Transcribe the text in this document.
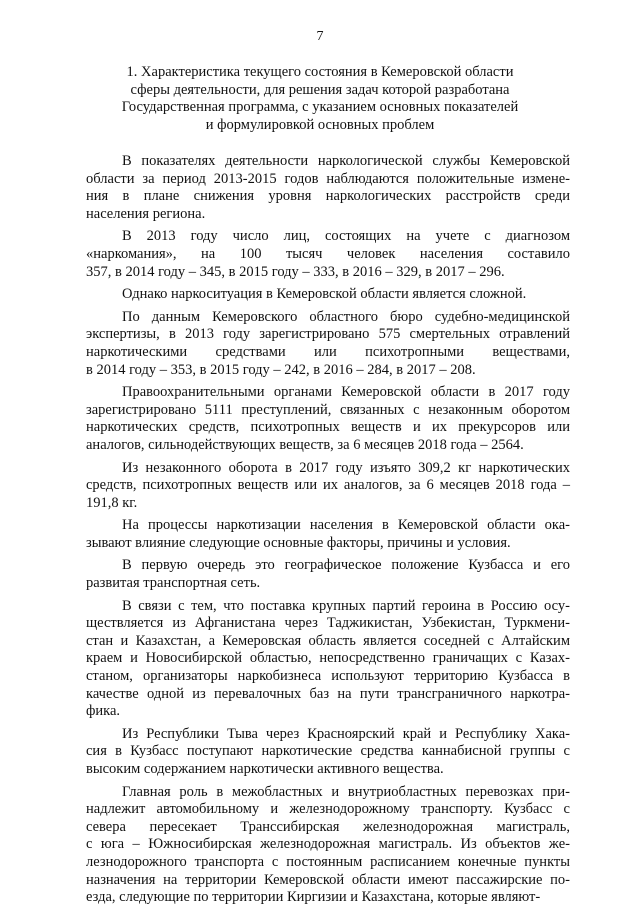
7
1. Характеристика текущего состояния в Кемеровской области
сферы деятельности, для решения задач которой разработана
Государственная программа, с указанием основных показателей
и формулировкой основных проблем
В показателях деятельности наркологической службы Кемеровской
области за период 2013-2015 годов наблюдаются положительные измене-
ния в плане снижения уровня наркологических расстройств среди
населения региона.
В 2013 году число лиц, состоящих на учете с диагнозом
«наркомания», на 100 тысяч человек населения составило
357, в 2014 году – 345, в 2015 году – 333, в 2016 – 329, в 2017 – 296.
Однако наркоситуация в Кемеровской области является сложной.
По данным Кемеровского областного бюро судебно-медицинской
экспертизы, в 2013 году зарегистрировано 575 смертельных отравлений
наркотическими средствами или психотропными веществами,
в 2014 году – 353, в 2015 году – 242, в 2016 – 284, в 2017 – 208.
Правоохранительными органами Кемеровской области в 2017 году
зарегистрировано 5111 преступлений, связанных с незаконным оборотом
наркотических средств, психотропных веществ и их прекурсоров или
аналогов, сильнодействующих веществ, за 6 месяцев 2018 года – 2564.
Из незаконного оборота в 2017 году изъято 309,2 кг наркотических
средств, психотропных веществ или их аналогов, за 6 месяцев 2018 года –
191,8 кг.
На процессы наркотизации населения в Кемеровской области ока-
зывают влияние следующие основные факторы, причины и условия.
В первую очередь это географическое положение Кузбасса и его
развитая транспортная сеть.
В связи с тем, что поставка крупных партий героина в Россию осу-
ществляется из Афганистана через Таджикистан, Узбекистан, Туркмени-
стан и Казахстан, а Кемеровская область является соседней с Алтайским
краем и Новосибирской областью, непосредственно граничащих с Казах-
станом, организаторы наркобизнеса используют территорию Кузбасса в
качестве одной из перевалочных баз на пути трансграничного наркотра-
фика.
Из Республики Тыва через Красноярский край и Республику Хака-
сия в Кузбасс поступают наркотические средства каннабисной группы с
высоким содержанием наркотически активного вещества.
Главная роль в межобластных и внутриобластных перевозках при-
надлежит автомобильному и железнодорожному транспорту. Кузбасс с
севера пересекает Транссибирская железнодорожная магистраль,
с юга – Южносибирская железнодорожная магистраль. Из объектов же-
лезнодорожного транспорта с постоянным расписанием конечные пункты
назначения на территории Кемеровской области имеют пассажирские по-
езда, следующие по территории Киргизии и Казахстана, которые являют-
